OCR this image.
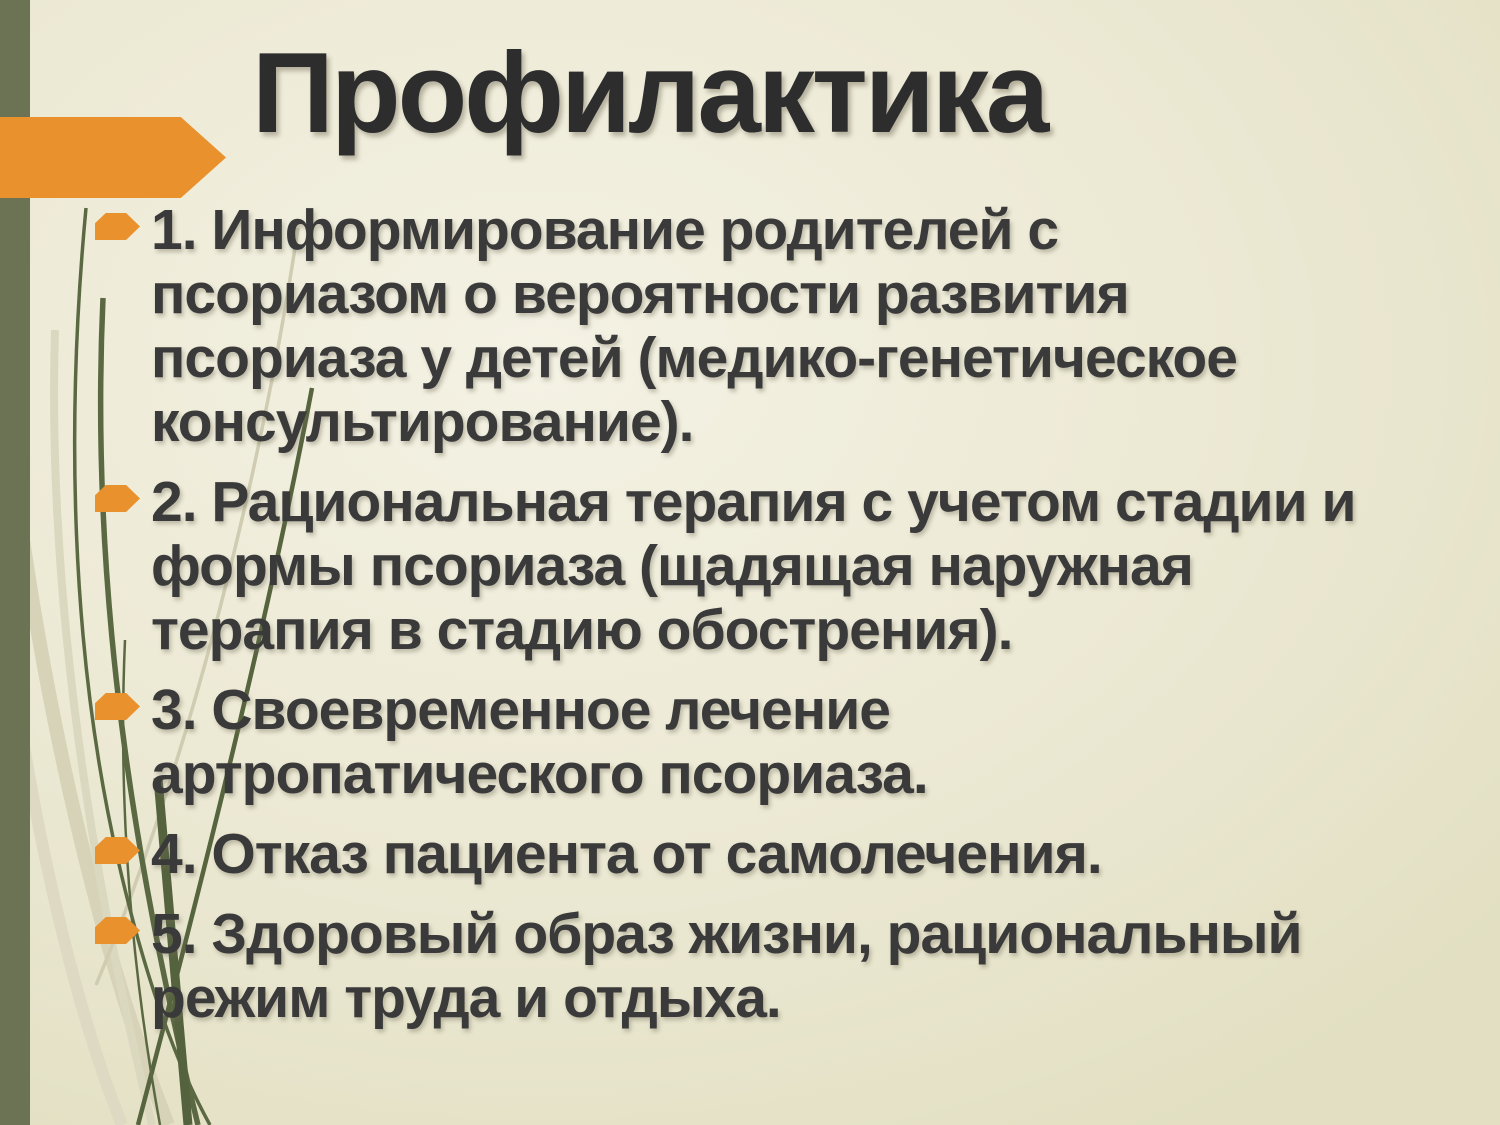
Профилактика
1. Информирование родителей с
псориазом о вероятности развития
псориаза у детей (медико-генетическое
консультирование).
2. Рациональная терапия с учетом стадии и
формы псориаза (щадящая наружная
терапия в стадию обострения).
3. Своевременное лечение
артропатического псориаза.
4. Отказ пациента от самолечения.
5. Здоровый образ жизни, рациональный
режим труда и отдыха.
